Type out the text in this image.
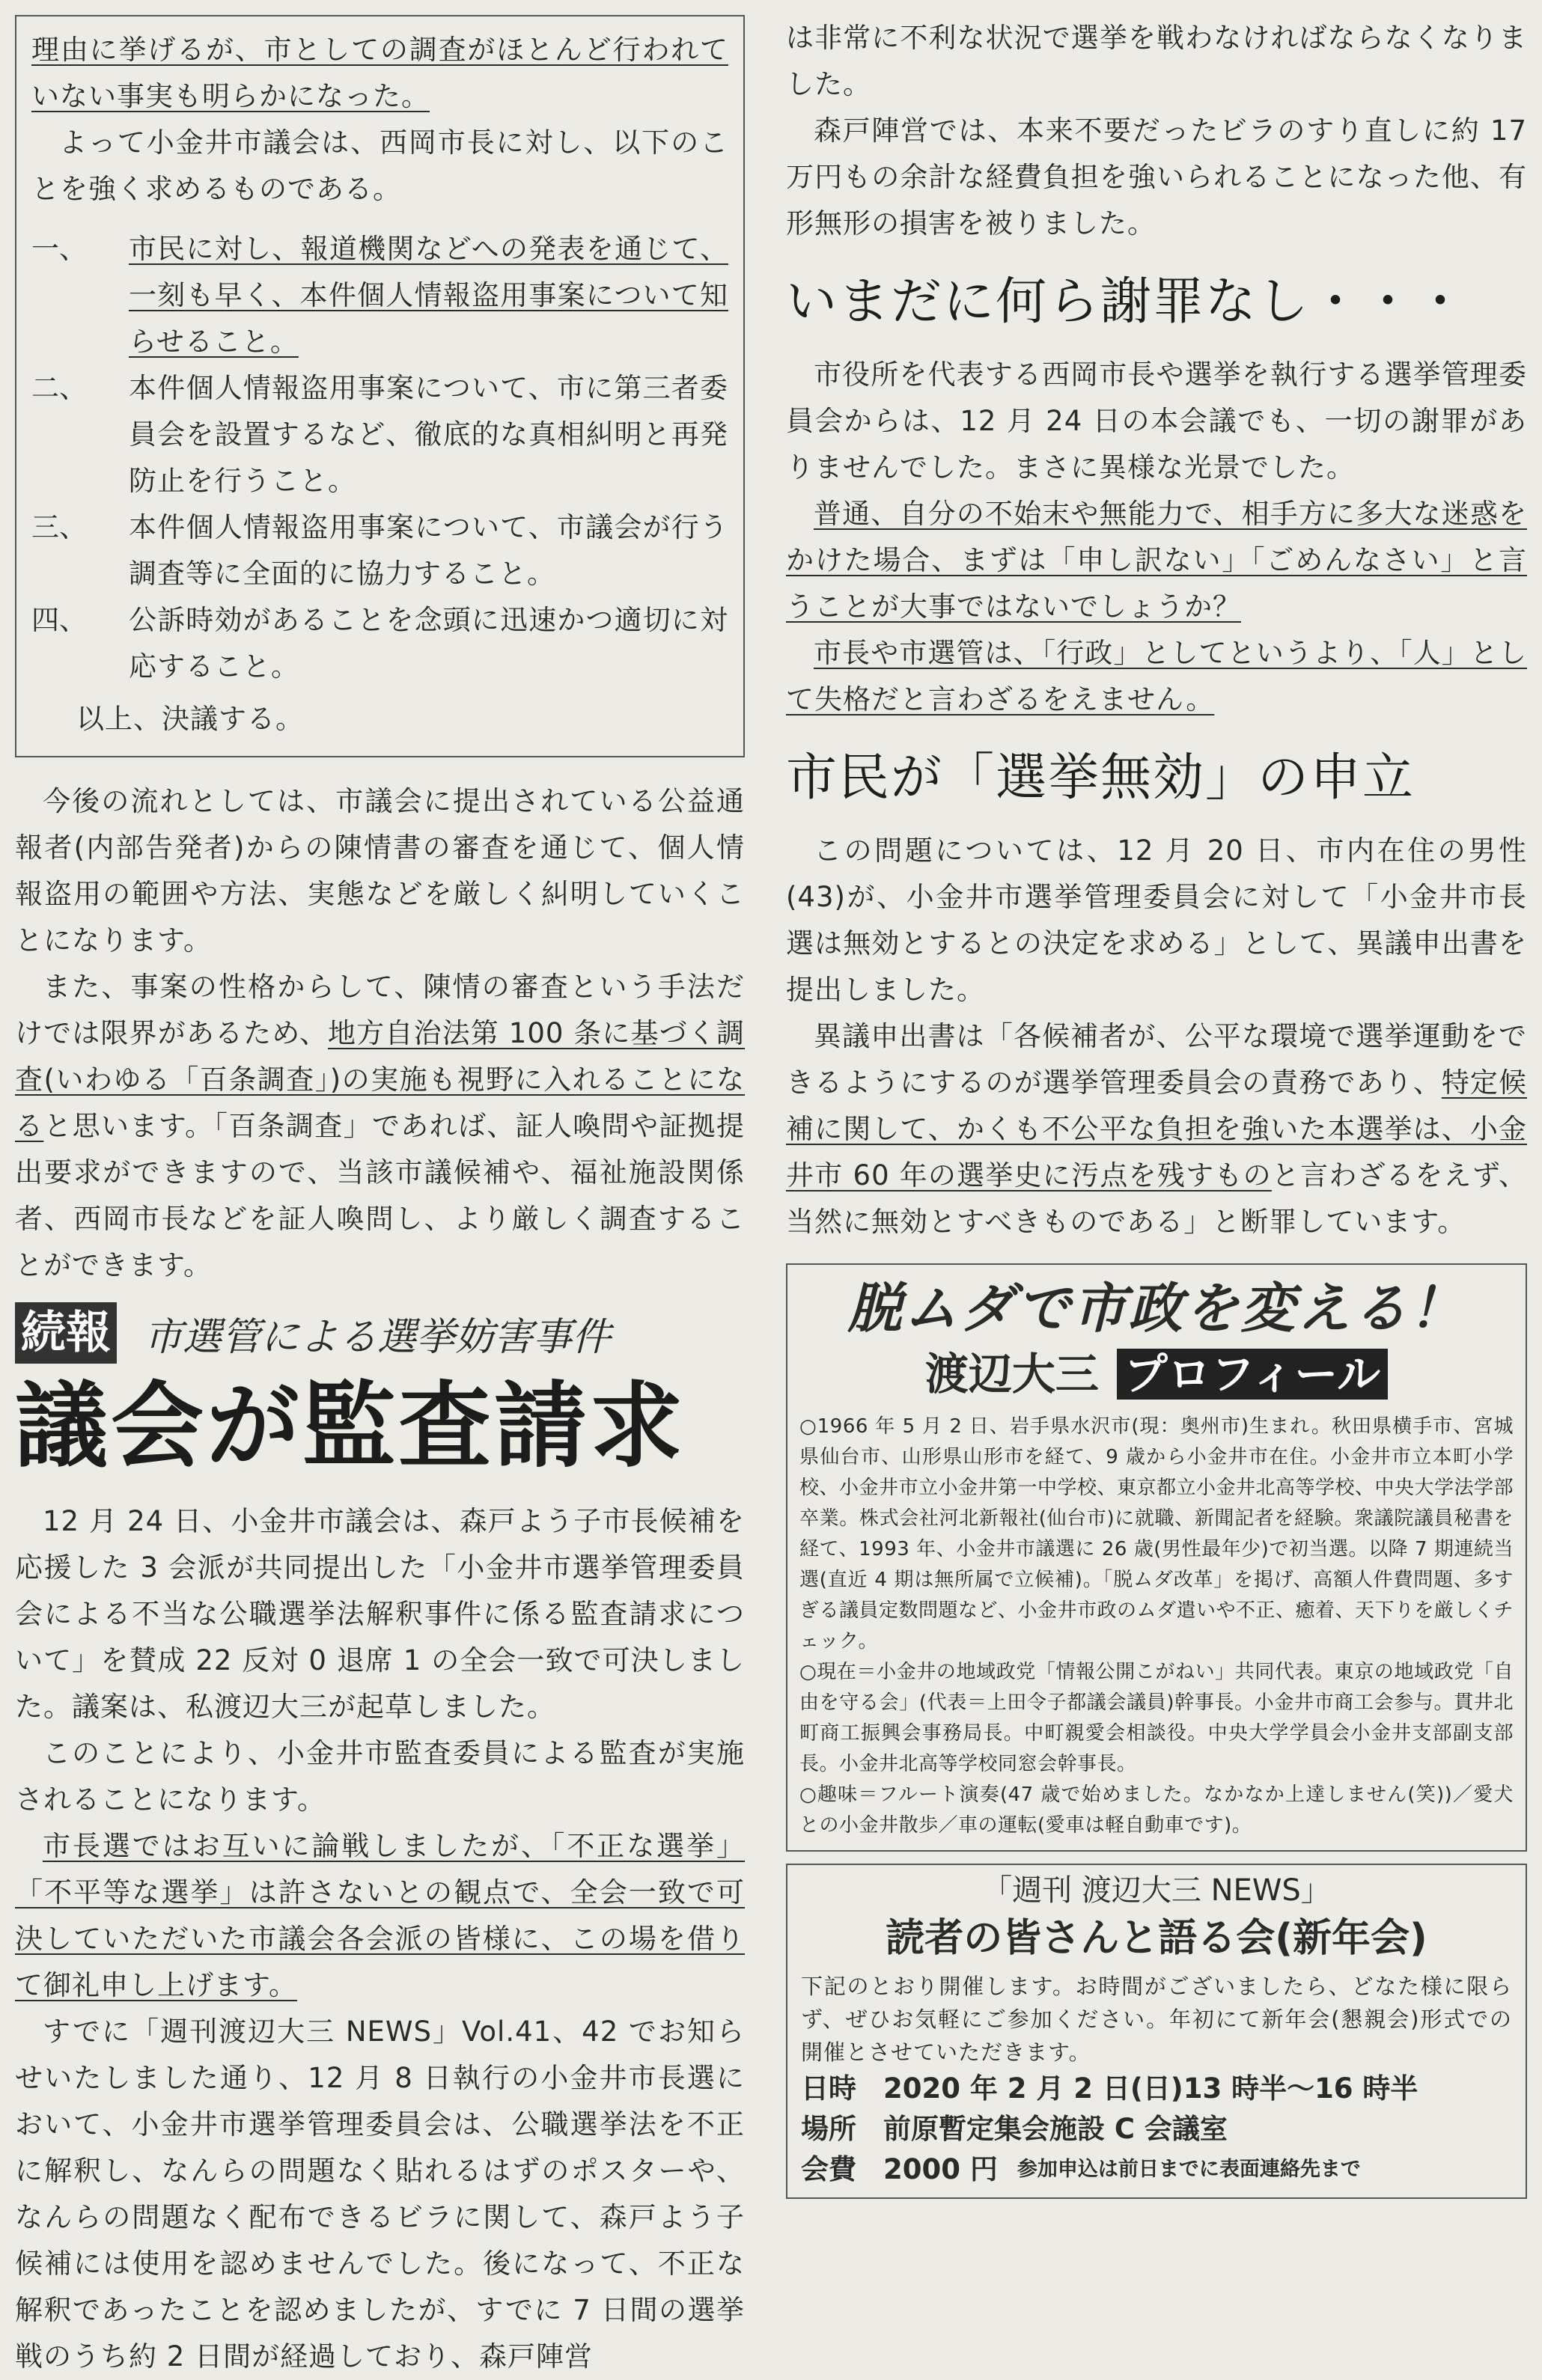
理由に挙げるが、市としての調査がほとんど行われていない事実も明らかになった。

よって小金井市議会は、西岡市長に対し、以下のことを強く求めるものである。

一、	市民に対し、報道機関などへの発表を通じて、一刻も早く、本件個人情報盗用事案について知らせること。

二、	本件個人情報盗用事案について、市に第三者委員会を設置するなど、徹底的な真相糾明と再発防止を行うこと。

三、	本件個人情報盗用事案について、市議会が行う調査等に全面的に協力すること。

四、	公訴時効があることを念頭に迅速かつ適切に対応すること。

以上、決議する。

今後の流れとしては、市議会に提出されている公益通報者(内部告発者)からの陳情書の審査を通じて、個人情報盗用の範囲や方法、実態などを厳しく糾明していくことになります。

また、事案の性格からして、陳情の審査という手法だけでは限界があるため、地方自治法第 100 条に基づく調査(いわゆる「百条調査」)の実施も視野に入れることになると思います。「百条調査」であれば、証人喚問や証拠提出要求ができますので、当該市議候補や、福祉施設関係者、西岡市長などを証人喚問し、より厳しく調査することができます。

続報 市選管による選挙妨害事件
議会が監査請求

12 月 24 日、小金井市議会は、森戸よう子市長候補を応援した 3 会派が共同提出した「小金井市選挙管理委員会による不当な公職選挙法解釈事件に係る監査請求について」を賛成 22 反対 0 退席 1 の全会一致で可決しました。議案は、私渡辺大三が起草しました。

このことにより、小金井市監査委員による監査が実施されることになります。

市長選ではお互いに論戦しましたが、「不正な選挙」「不平等な選挙」は許さないとの観点で、全会一致で可決していただいた市議会各会派の皆様に、この場を借りて御礼申し上げます。

すでに「週刊渡辺大三 NEWS」Vol.41、42 でお知らせいたしました通り、12 月 8 日執行の小金井市長選において、小金井市選挙管理委員会は、公職選挙法を不正に解釈し、なんらの問題なく貼れるはずのポスターや、なんらの問題なく配布できるビラに関して、森戸よう子候補には使用を認めませんでした。後になって、不正な解釈であったことを認めましたが、すでに 7 日間の選挙戦のうち約 2 日間が経過しており、森戸陣営

は非常に不利な状況で選挙を戦わなければならなくなりました。

森戸陣営では、本来不要だったビラのすり直しに約 17 万円もの余計な経費負担を強いられることになった他、有形無形の損害を被りました。

いまだに何ら謝罪なし・・・

市役所を代表する西岡市長や選挙を執行する選挙管理委員会からは、12 月 24 日の本会議でも、一切の謝罪がありませんでした。まさに異様な光景でした。

普通、自分の不始末や無能力で、相手方に多大な迷惑をかけた場合、まずは「申し訳ない」「ごめんなさい」と言うことが大事ではないでしょうか？

市長や市選管は、「行政」としてというより、「人」として失格だと言わざるをえません。

市民が「選挙無効」の申立

この問題については、12 月 20 日、市内在住の男性(43)が、小金井市選挙管理委員会に対して「小金井市長選は無効とするとの決定を求める」として、異議申出書を提出しました。

異議申出書は「各候補者が、公平な環境で選挙運動をできるようにするのが選挙管理委員会の責務であり、特定候補に関して、かくも不公平な負担を強いた本選挙は、小金井市 60 年の選挙史に汚点を残すものと言わざるをえず、当然に無効とすべきものである」と断罪しています。

脱ムダで市政を変える！
渡辺大三 プロフィール

○1966 年 5 月 2 日、岩手県水沢市(現：奥州市)生まれ。秋田県横手市、宮城県仙台市、山形県山形市を経て、9 歳から小金井市在住。小金井市立本町小学校、小金井市立小金井第一中学校、東京都立小金井北高等学校、中央大学法学部卒業。株式会社河北新報社(仙台市)に就職、新聞記者を経験。衆議院議員秘書を経て、1993 年、小金井市議選に 26 歳(男性最年少)で初当選。以降 7 期連続当選(直近 4 期は無所属で立候補)。「脱ムダ改革」を掲げ、高額人件費問題、多すぎる議員定数問題など、小金井市政のムダ遣いや不正、癒着、天下りを厳しくチェック。

○現在＝小金井の地域政党「情報公開こがねい」共同代表。東京の地域政党「自由を守る会」(代表＝上田令子都議会議員)幹事長。小金井市商工会参与。貫井北町商工振興会事務局長。中町親愛会相談役。中央大学学員会小金井支部副支部長。小金井北高等学校同窓会幹事長。

○趣味＝フルート演奏(47 歳で始めました。なかなか上達しません(笑))／愛犬との小金井散歩／車の運転(愛車は軽自動車です)。

「週刊 渡辺大三 NEWS」
読者の皆さんと語る会(新年会)

下記のとおり開催します。お時間がございましたら、どなた様に限らず、ぜひお気軽にご参加ください。年初にて新年会(懇親会)形式での開催とさせていただきます。

日時 2020 年 2 月 2 日(日)13 時半～16 時半
場所 前原暫定集会施設 C 会議室
会費 2000 円 参加申込は前日までに表面連絡先まで
